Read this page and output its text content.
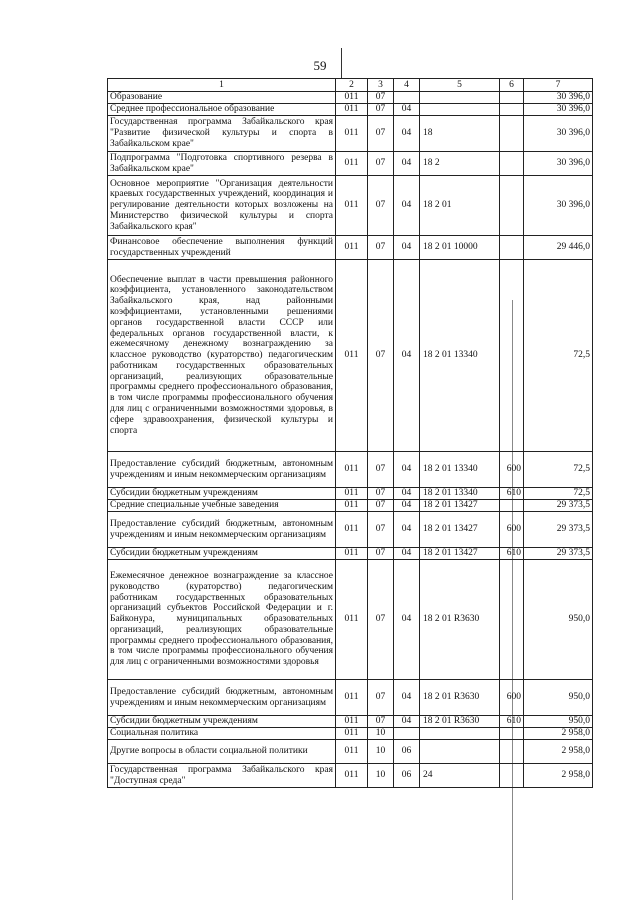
59
1	2	3	4	5	6	7
Образование	011	07				30 396,0
Среднее профессиональное образование	011	07	04			30 396,0
Государственная программа Забайкальского края "Развитие физической культуры и спорта в Забайкальском крае"	011	07	04	18		30 396,0
Подпрограмма "Подготовка спортивного резерва в Забайкальском крае"	011	07	04	18 2		30 396,0
Основное мероприятие "Организация деятельности краевых государственных учреждений, координация и регулирование деятельности которых возложены на Министерство физической культуры и спорта Забайкальского края"	011	07	04	18 2 01		30 396,0
Финансовое обеспечение выполнения функций государственных учреждений	011	07	04	18 2 01 10000		29 446,0
Обеспечение выплат в части превышения районного коэффициента, установленного законодательством Забайкальского края, над районными коэффициентами, установленными решениями органов государственной власти СССР или федеральных органов государственной власти, к ежемесячному денежному вознаграждению за классное руководство (кураторство) педагогическим работникам государственных образовательных организаций, реализующих образовательные программы среднего профессионального образования, в том числе программы профессионального обучения для лиц с ограниченными возможностями здоровья, в сфере здравоохранения, физической культуры и спорта	011	07	04	18 2 01 13340		72,5
Предоставление субсидий бюджетным, автономным учреждениям и иным некоммерческим организациям	011	07	04	18 2 01 13340	600	72,5
Субсидии бюджетным учреждениям	011	07	04	18 2 01 13340	610	72,5
Средние специальные учебные заведения	011	07	04	18 2 01 13427		29 373,5
Предоставление субсидий бюджетным, автономным учреждениям и иным некоммерческим организациям	011	07	04	18 2 01 13427	600	29 373,5
Субсидии бюджетным учреждениям	011	07	04	18 2 01 13427	610	29 373,5
Ежемесячное денежное вознаграждение за классное руководство (кураторство) педагогическим работникам государственных образовательных организаций субъектов Российской Федерации и г. Байконура, муниципальных образовательных организаций, реализующих образовательные программы среднего профессионального образования, в том числе программы профессионального обучения для лиц с ограниченными возможностями здоровья	011	07	04	18 2 01 R3630		950,0
Предоставление субсидий бюджетным, автономным учреждениям и иным некоммерческим организациям	011	07	04	18 2 01 R3630	600	950,0
Субсидии бюджетным учреждениям	011	07	04	18 2 01 R3630	610	950,0
Социальная политика	011	10				2 958,0
Другие вопросы в области социальной политики	011	10	06			2 958,0
Государственная программа Забайкальского края "Доступная среда"	011	10	06	24		2 958,0
